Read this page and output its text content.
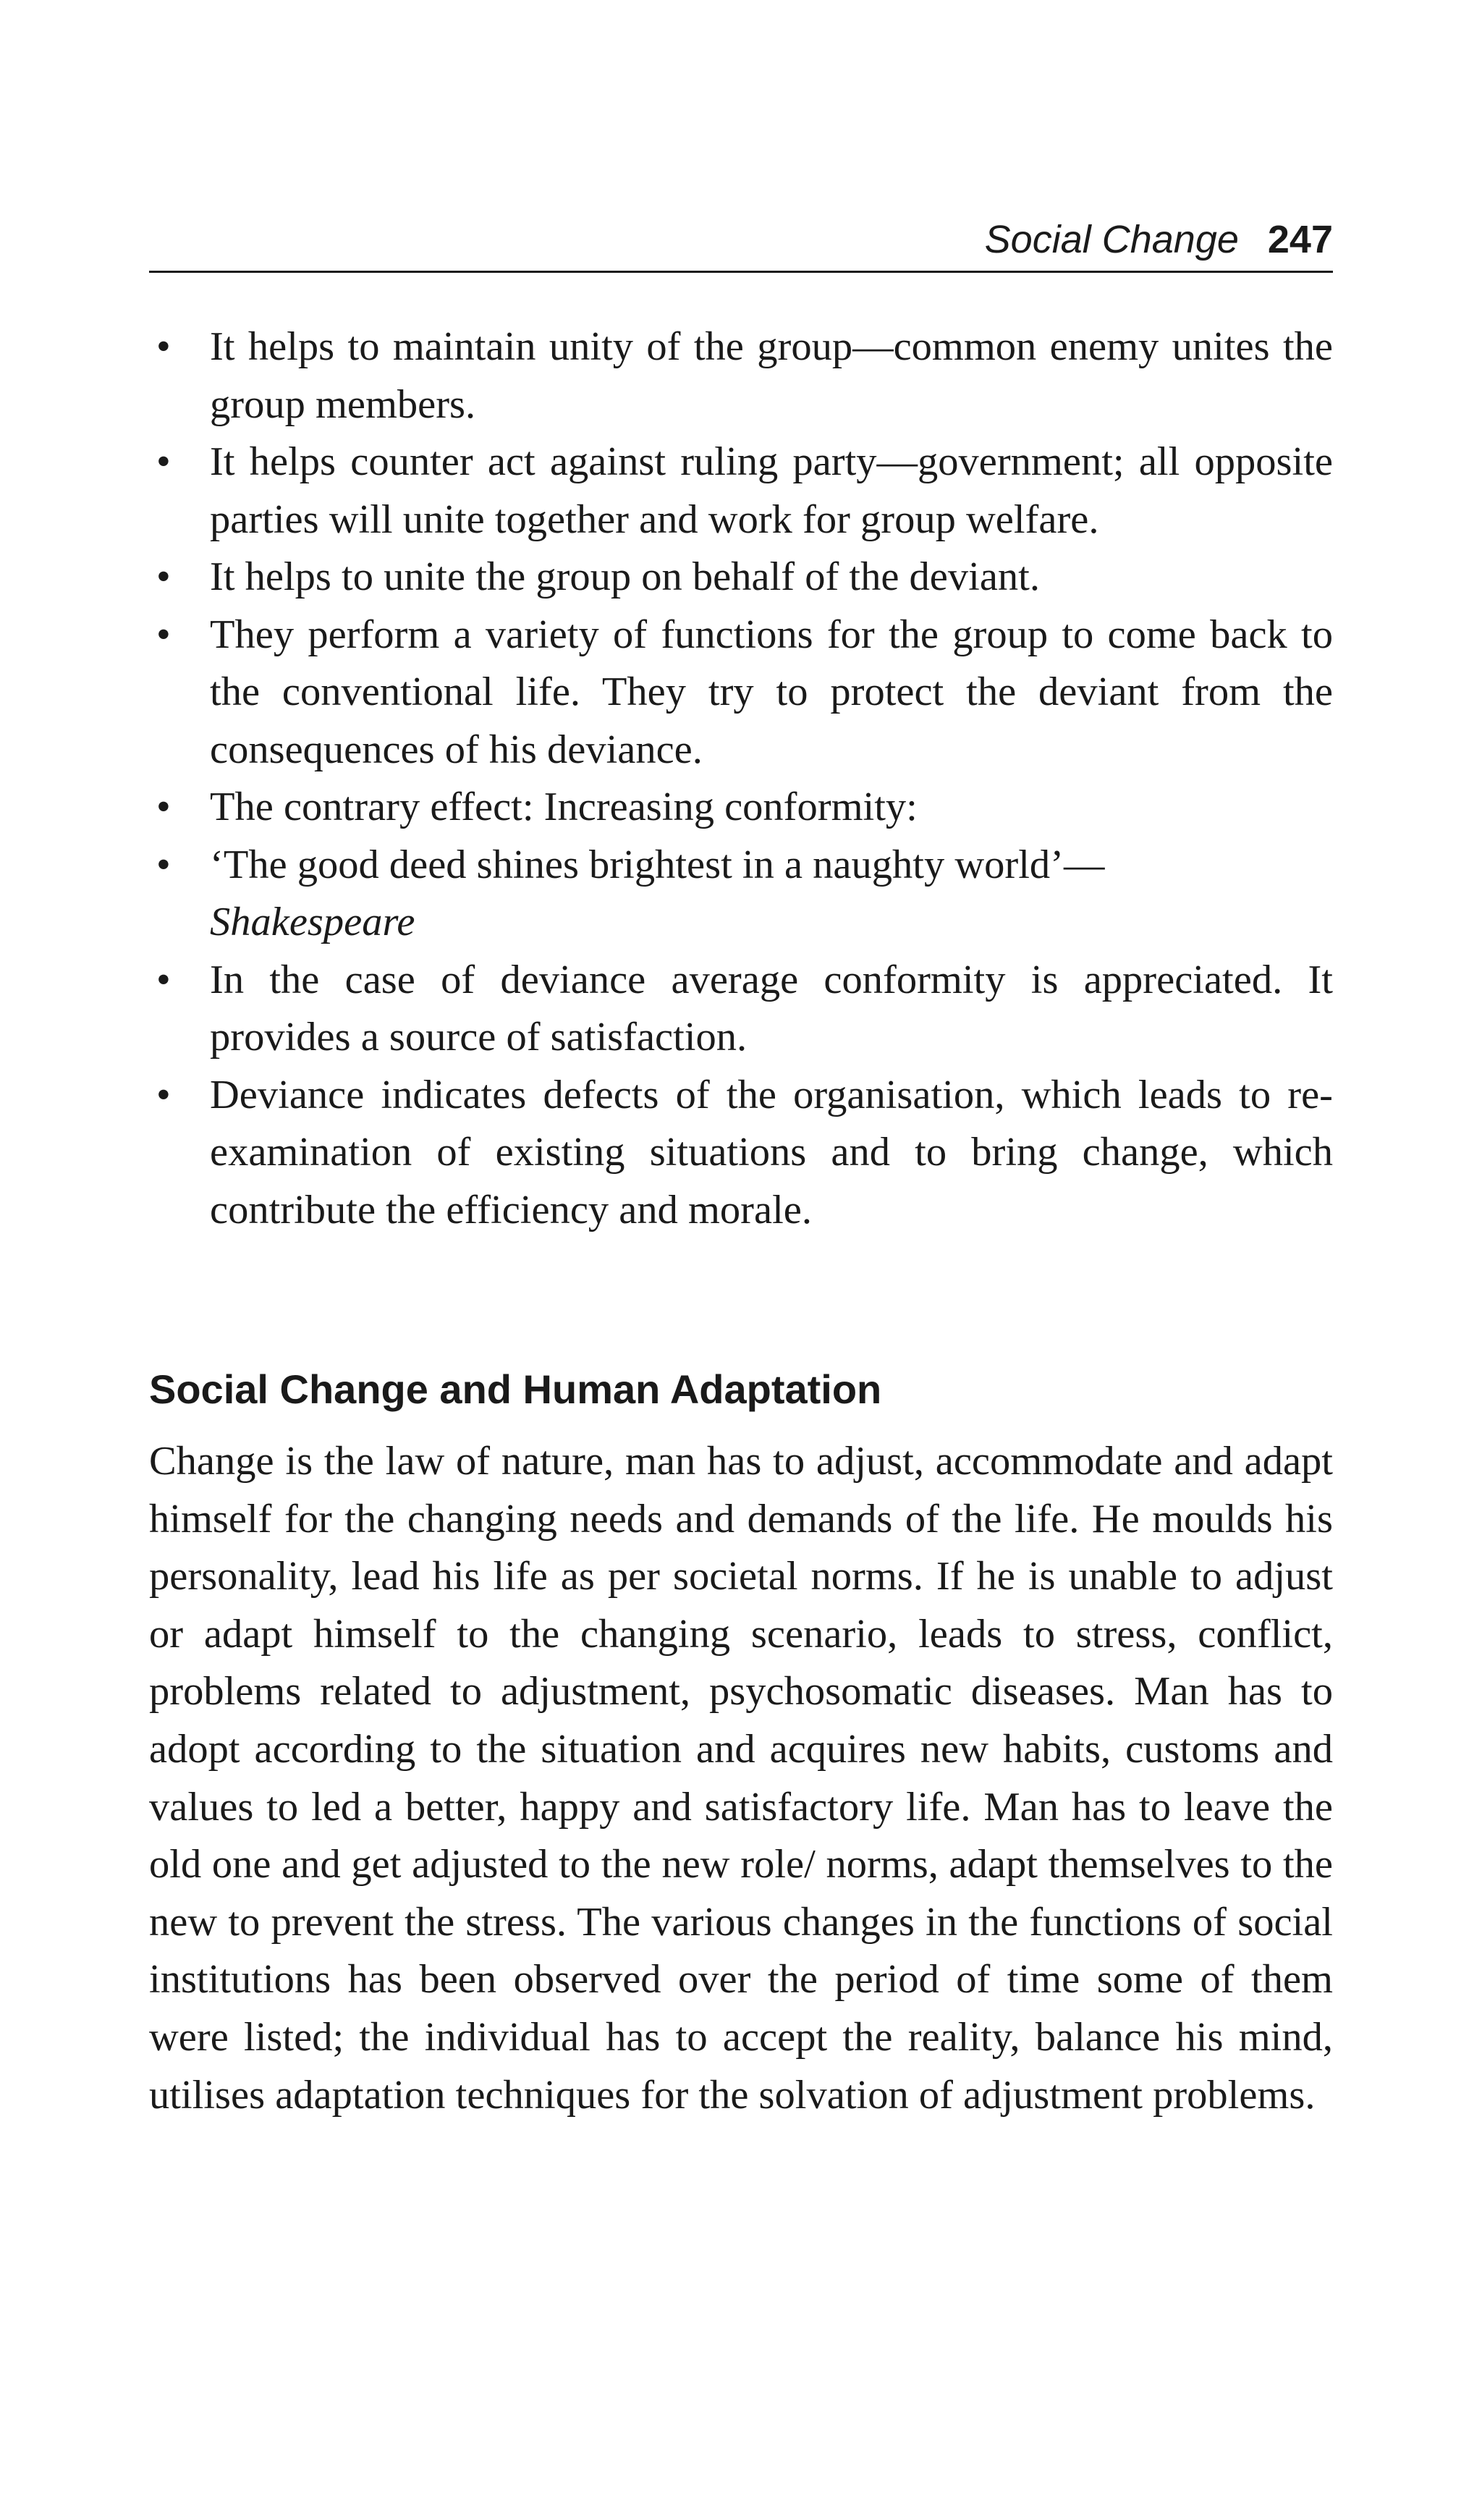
Social Change 247
• It helps to maintain unity of the group—common enemy unites the group members.
• It helps counter act against ruling party—government; all opposite parties will unite together and work for group welfare.
• It helps to unite the group on behalf of the deviant.
• They perform a variety of functions for the group to come back to the conventional life. They try to protect the deviant from the consequences of his deviance.
• The contrary effect: Increasing conformity:
• ‘The good deed shines brightest in a naughty world’—
Shakespeare
• In the case of deviance average conformity is appreciated. It provides a source of satisfaction.
• Deviance indicates defects of the organisation, which leads to re-examination of existing situations and to bring change, which contribute the efficiency and morale.
Social Change and Human Adaptation

Change is the law of nature, man has to adjust, accommodate and adapt himself for the changing needs and demands of the life. He moulds his personality, lead his life as per societal norms. If he is unable to adjust or adapt himself to the changing scenario, leads to stress, conflict, problems related to adjustment, psychosomatic diseases. Man has to adopt according to the situation and acquires new habits, customs and values to led a better, happy and satisfactory life. Man has to leave the old one and get adjusted to the new role/ norms, adapt themselves to the new to prevent the stress. The various changes in the functions of social institutions has been observed over the period of time some of them were listed; the individual has to accept the reality, balance his mind, utilises adaptation techniques for the solvation of adjustment problems.
